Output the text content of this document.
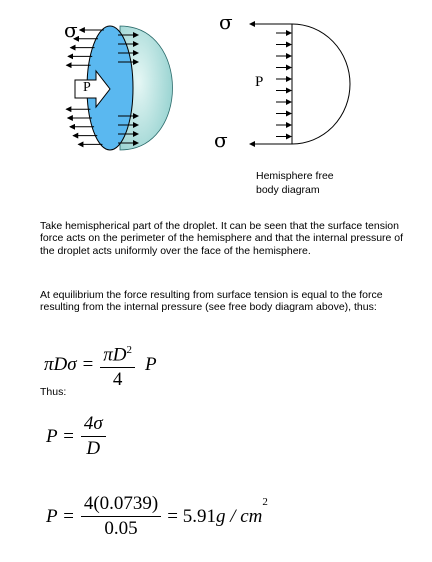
σ
P
σ
σ
P
Hemisphere free
body diagram
Take hemispherical part of the droplet. It can be seen that the surface tension force acts on the perimeter of the hemisphere and that the internal pressure of the droplet acts uniformly over the face of the hemisphere.
At equilibrium the force resulting from surface tension is equal to the force resulting from the internal pressure (see free body diagram above), thus:
$\pi D\sigma = \frac{\pi D^2}{4}$ P
Thus:
$P = \frac{4\sigma}{D}$
$P = \frac{4(0.0739)}{0.05} = 5.91$ g / cm
$^2$
